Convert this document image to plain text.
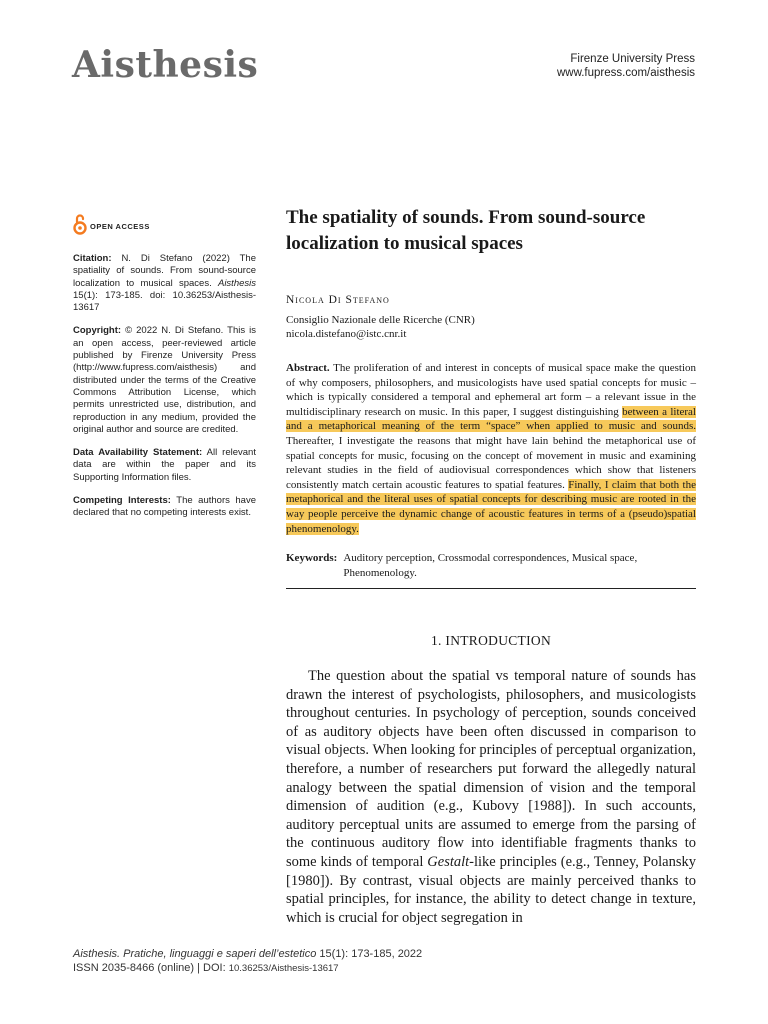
Aisthesis	Firenze University Press
www.fupress.com/aisthesis
OPEN ACCESS

Citation: N. Di Stefano (2022) The spatiality of sounds. From sound-source localization to musical spaces. Aisthesis 15(1): 173-185. doi: 10.36253/Aisthesis-13617

Copyright: © 2022 N. Di Stefano. This is an open access, peer-reviewed article published by Firenze University Press (http://www.fupress.com/aisthesis) and distributed under the terms of the Creative Commons Attribution License, which permits unrestricted use, distribution, and reproduction in any medium, provided the original author and source are credited.

Data Availability Statement: All relevant data are within the paper and its Supporting Information files.

Competing Interests: The authors have declared that no competing interests exist.

The spatiality of sounds. From sound-source localization to musical spaces
Nicola Di Stefano
Consiglio Nazionale delle Ricerche (CNR)
nicola.distefano@istc.cnr.it
Abstract. The proliferation of and interest in concepts of musical space make the question of why composers, philosophers, and musicologists have used spatial concepts for music – which is typically considered a temporal and ephemeral art form – a relevant issue in the multidisciplinary research on music. In this paper, I suggest distinguishing between a literal and a metaphorical meaning of the term “space” when applied to music and sounds. Thereafter, I investigate the reasons that might have lain behind the metaphorical use of spatial concepts for music, focusing on the concept of movement in music and examining relevant studies in the field of audiovisual correspondences which show that listeners consistently match certain acoustic features to spatial features. Finally, I claim that both the metaphorical and the literal uses of spatial concepts for describing music are rooted in the way people perceive the dynamic change of acoustic features in terms of a (pseudo)spatial phenomenology.
Keywords: Auditory perception, Crossmodal correspondences, Musical space, Phenomenology.
1. INTRODUCTION
The question about the spatial vs temporal nature of sounds has drawn the interest of psychologists, philosophers, and musicologists throughout centuries. In psychology of perception, sounds conceived of as auditory objects have been often discussed in comparison to visual objects. When looking for principles of perceptual organization, therefore, a number of researchers put forward the allegedly natural analogy between the spatial dimension of vision and the temporal dimension of audition (e.g., Kubovy [1988]). In such accounts, auditory perceptual units are assumed to emerge from the parsing of the continuous auditory flow into identifiable fragments thanks to some kinds of temporal Gestalt-like principles (e.g., Tenney, Polansky [1980]). By contrast, visual objects are mainly perceived thanks to spatial principles, for instance, the ability to detect change in texture, which is crucial for object segregation in
Aisthesis. Pratiche, linguaggi e saperi dell’estetico 15(1): 173-185, 2022
ISSN 2035-8466 (online) | DOI: 10.36253/Aisthesis-13617
